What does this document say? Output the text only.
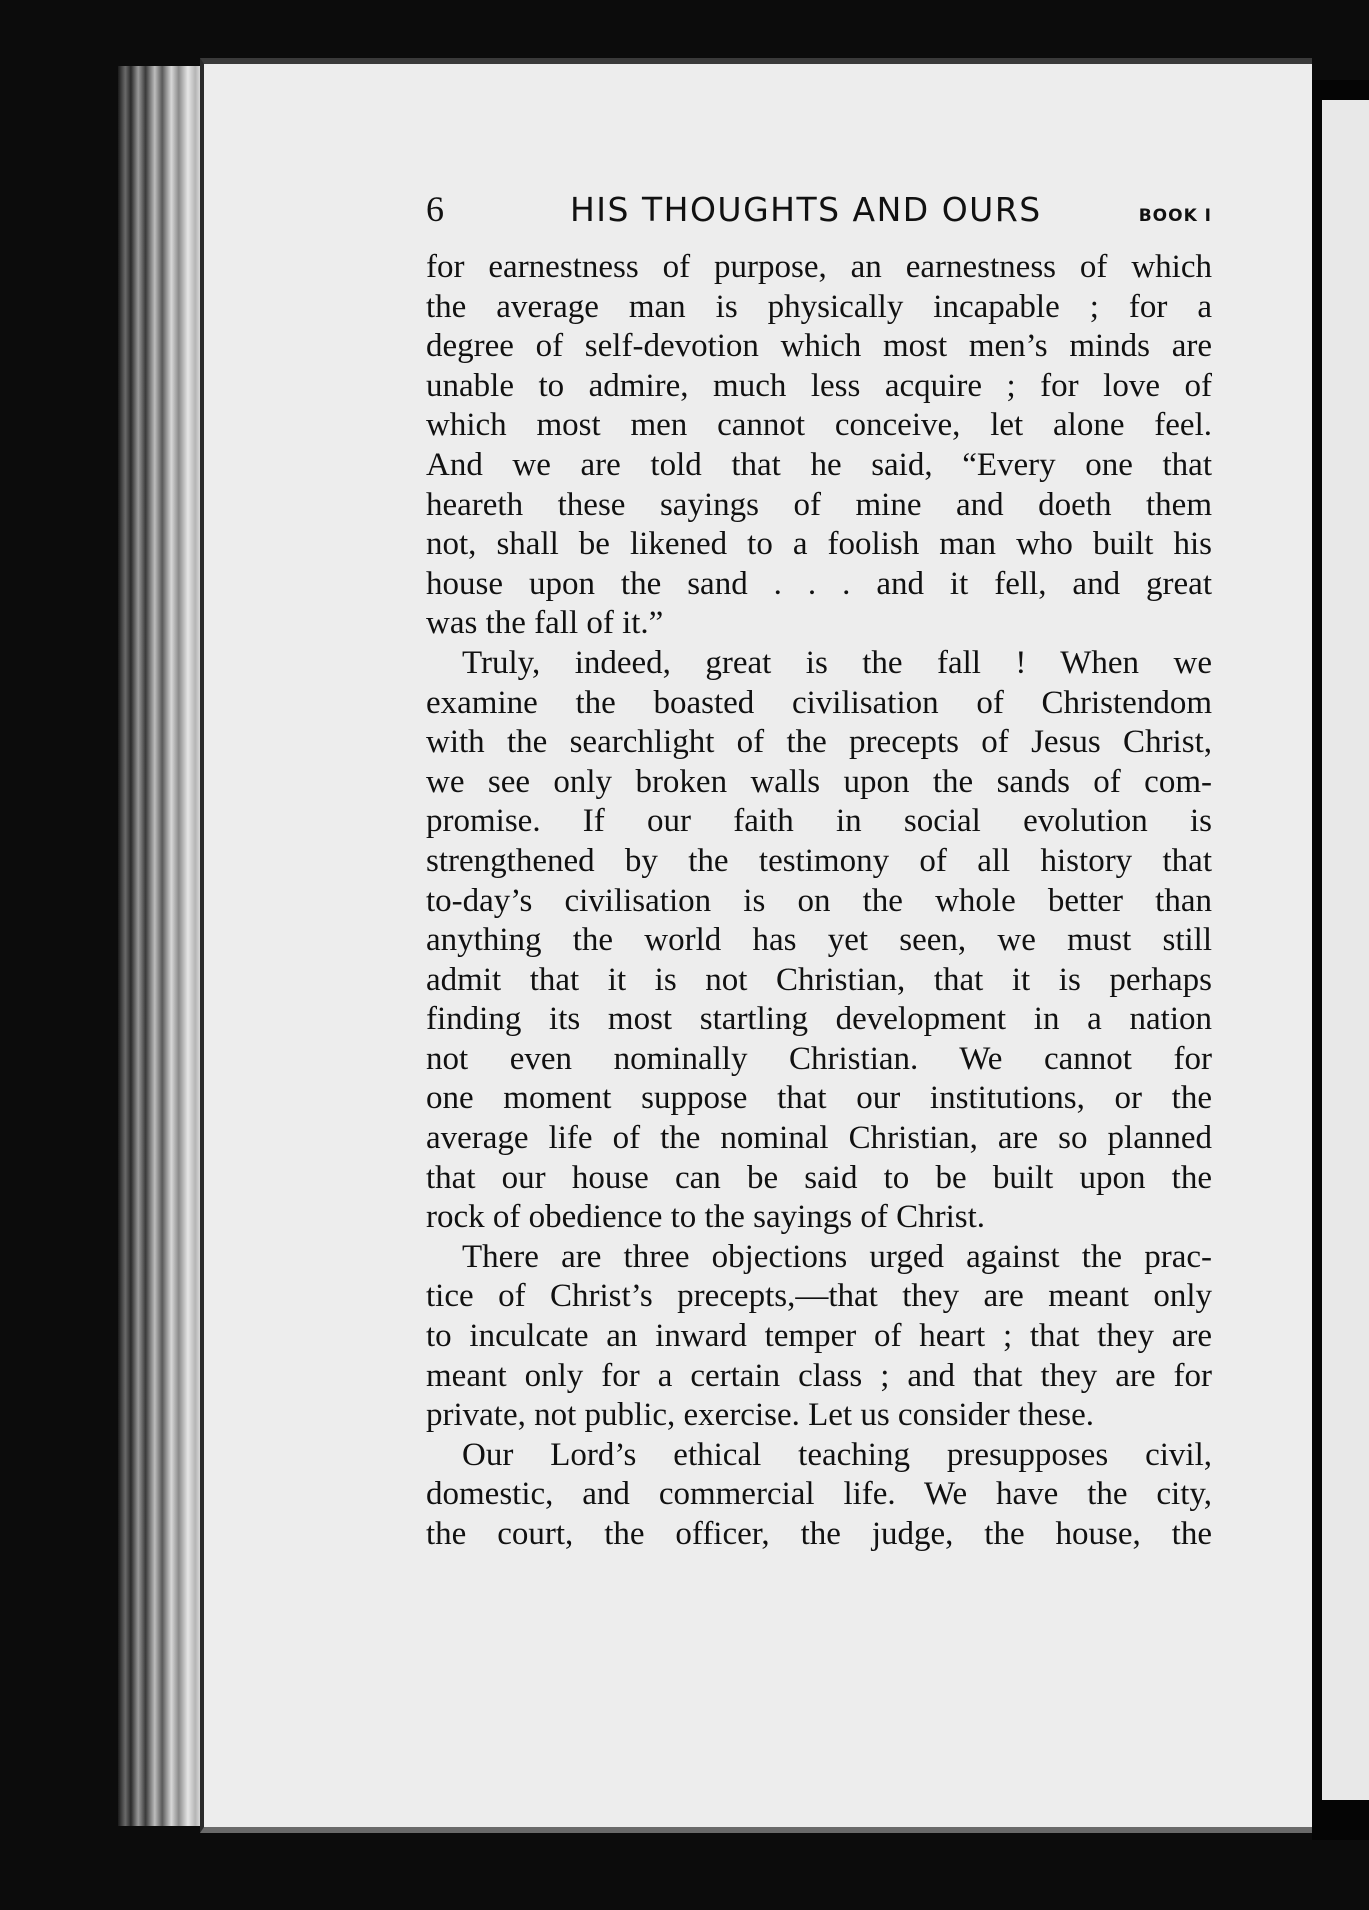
6	HIS THOUGHTS AND OURS	BOOK I
for earnestness of purpose, an earnestness of which
the average man is physically incapable ; for a
degree of self-devotion which most men’s minds are
unable to admire, much less acquire ; for love of
which most men cannot conceive, let alone feel.
And we are told that he said, “Every one that
heareth these sayings of mine and doeth them
not, shall be likened to a foolish man who built his
house upon the sand . . . and it fell, and great
was the fall of it.”
Truly, indeed, great is the fall ! When we
examine the boasted civilisation of Christendom
with the searchlight of the precepts of Jesus Christ,
we see only broken walls upon the sands of com-
promise. If our faith in social evolution is
strengthened by the testimony of all history that
to-day’s civilisation is on the whole better than
anything the world has yet seen, we must still
admit that it is not Christian, that it is perhaps
finding its most startling development in a nation
not even nominally Christian. We cannot for
one moment suppose that our institutions, or the
average life of the nominal Christian, are so planned
that our house can be said to be built upon the
rock of obedience to the sayings of Christ.
There are three objections urged against the prac-
tice of Christ’s precepts,—that they are meant only
to inculcate an inward temper of heart ; that they are
meant only for a certain class ; and that they are for
private, not public, exercise. Let us consider these.
Our Lord’s ethical teaching presupposes civil,
domestic, and commercial life. We have the city,
the court, the officer, the judge, the house, the
